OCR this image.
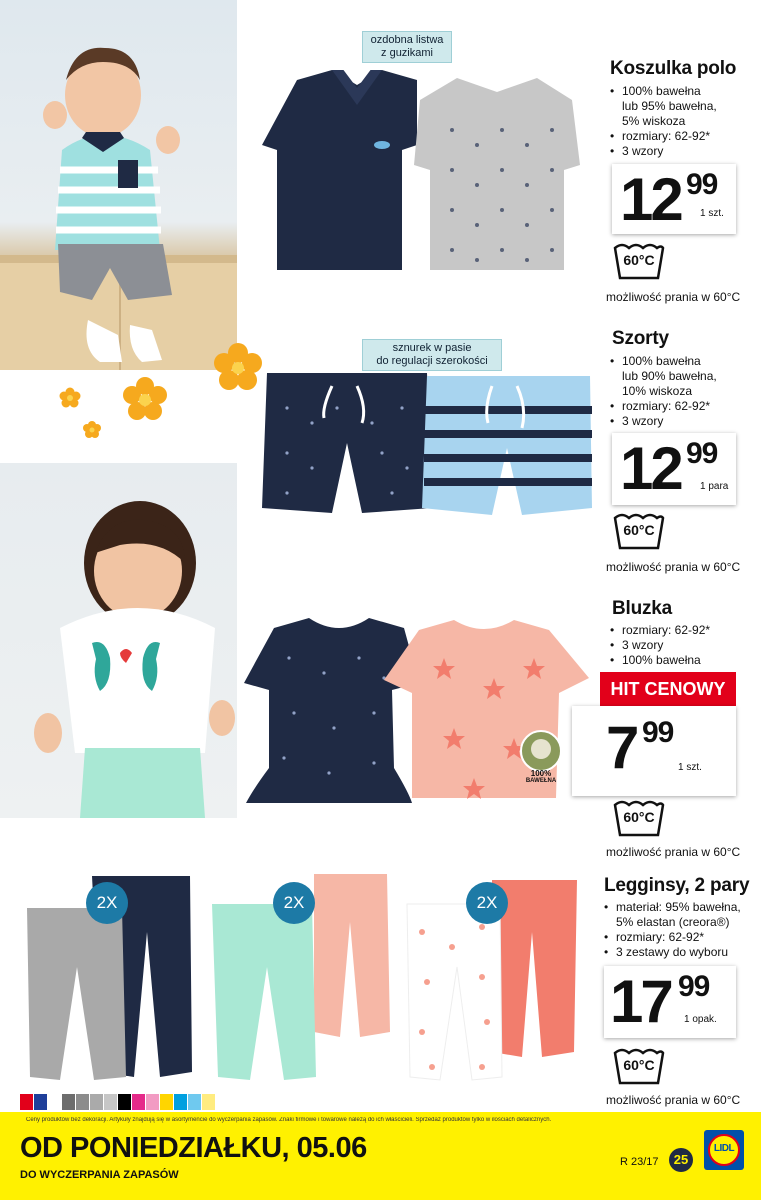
100%
BAWEŁNA
2X	2X	2X
ozdobna listwa
z guzikami
sznurek w pasie
do regulacji szerokości
Koszulka polo
• 100% bawełna
lub 95% bawełna,
5% wiskoza
• rozmiary: 62-92*
• 3 wzory
12 99
1 szt.
60°C
możliwość prania w 60°C
Szorty
• 100% bawełna
lub 90% bawełna,
10% wiskoza
• rozmiary: 62-92*
• 3 wzory
12 99
1 para
60°C
możliwość prania w 60°C
Bluzka
• rozmiary: 62-92*
• 3 wzory
• 100% bawełna
HIT CENOWY
7 99
1 szt.
60°C
możliwość prania w 60°C
Legginsy, 2 pary
• materiał: 95% bawełna,
5% elastan (creora®)
• rozmiary: 62-92*
• 3 zestawy do wyboru
17 99
1 opak.
60°C
możliwość prania w 60°C
Ceny produktów bez dekoracji. Artykuły znajdują się w asortymencie do wyczerpania zapasów. Znaki firmowe i towarowe należą do ich właścicieli. Sprzedaż produktów tylko w ilościach detalicznych.
OD PONIEDZIAŁKU, 05.06
DO WYCZERPANIA ZAPASÓW
R 23/17	25
LIDL
